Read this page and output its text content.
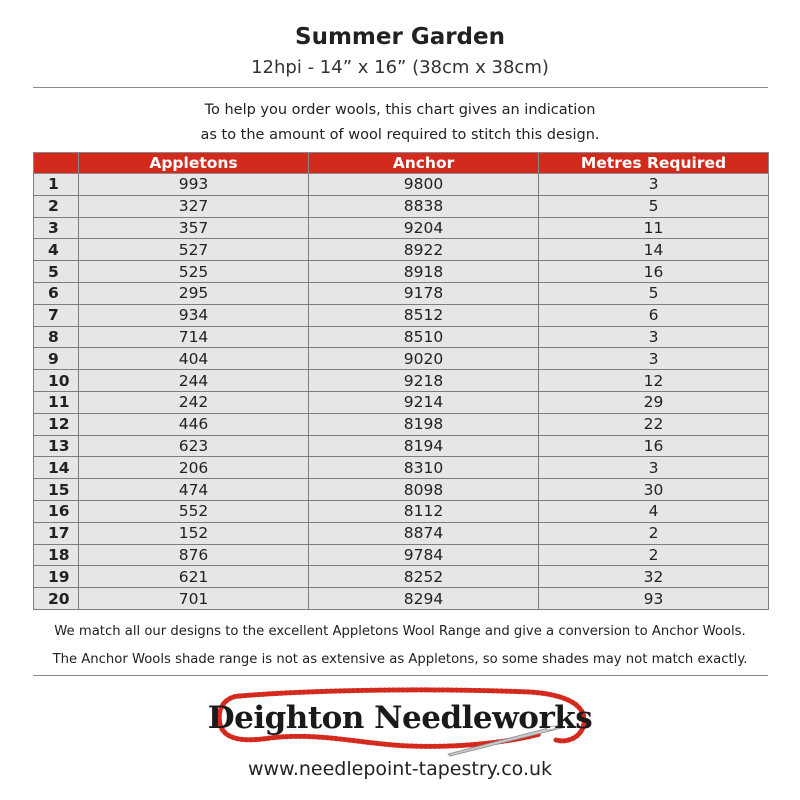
Summer Garden
12hpi - 14” x 16” (38cm x 38cm)
To help you order wools, this chart gives an indication
as to the amount of wool required to stitch this design.
	Appletons	Anchor	Metres Required
1	993	9800	3
2	327	8838	5
3	357	9204	11
4	527	8922	14
5	525	8918	16
6	295	9178	5
7	934	8512	6
8	714	8510	3
9	404	9020	3
10	244	9218	12
11	242	9214	29
12	446	8198	22
13	623	8194	16
14	206	8310	3
15	474	8098	30
16	552	8112	4
17	152	8874	2
18	876	9784	2
19	621	8252	32
20	701	8294	93
We match all our designs to the excellent Appletons Wool Range and give a conversion to Anchor Wools.
The Anchor Wools shade range is not as extensive as Appletons, so some shades may not match exactly.
Deighton Needleworks
www.needlepoint-tapestry.co.uk
